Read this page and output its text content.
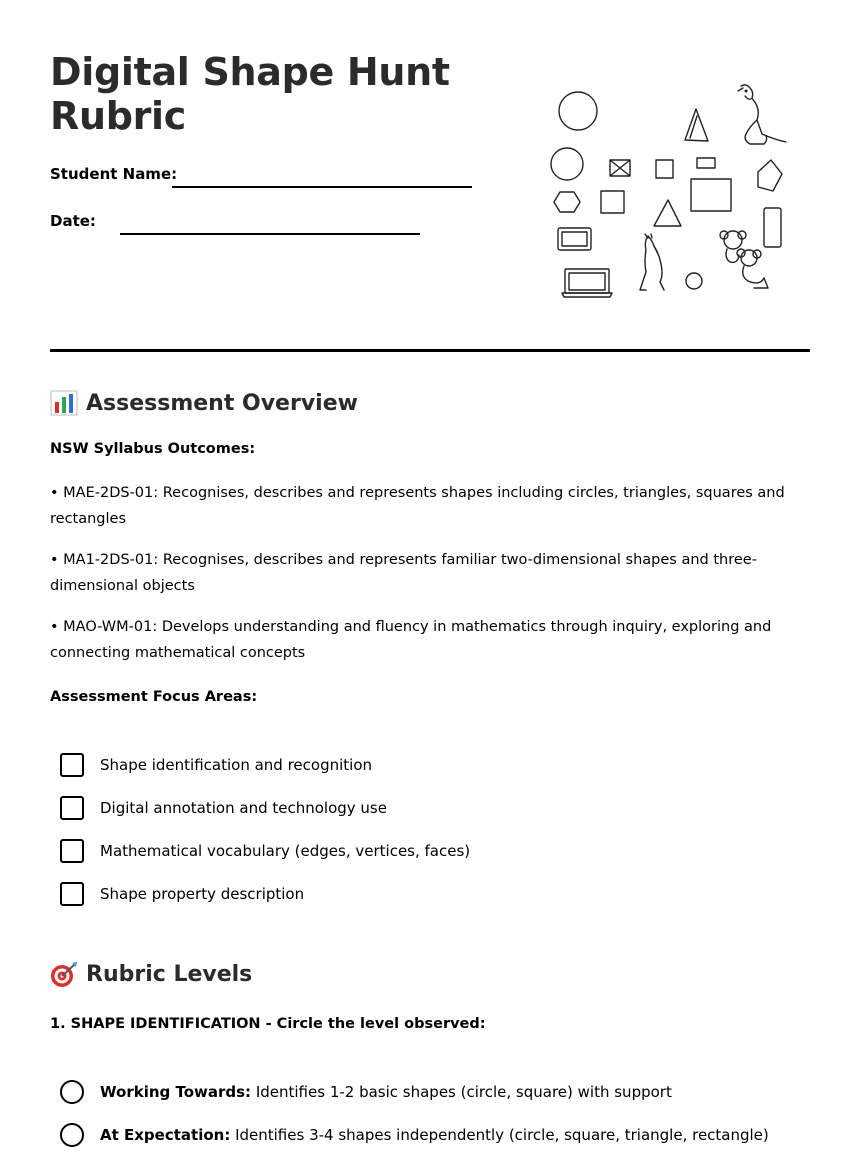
Digital Shape Hunt
Rubric
Student Name:
Date:
Assessment Overview
NSW Syllabus Outcomes:
• MAE-2DS-01: Recognises, describes and represents shapes including circles, triangles, squares and rectangles
• MA1-2DS-01: Recognises, describes and represents familiar two-dimensional shapes and three-dimensional objects
• MAO-WM-01: Develops understanding and fluency in mathematics through inquiry, exploring and connecting mathematical concepts
Assessment Focus Areas:
Shape identification and recognition
Digital annotation and technology use
Mathematical vocabulary (edges, vertices, faces)
Shape property description
Rubric Levels
1. SHAPE IDENTIFICATION - Circle the level observed:
Working Towards: Identifies 1-2 basic shapes (circle, square) with support
At Expectation: Identifies 3-4 shapes independently (circle, square, triangle, rectangle)
